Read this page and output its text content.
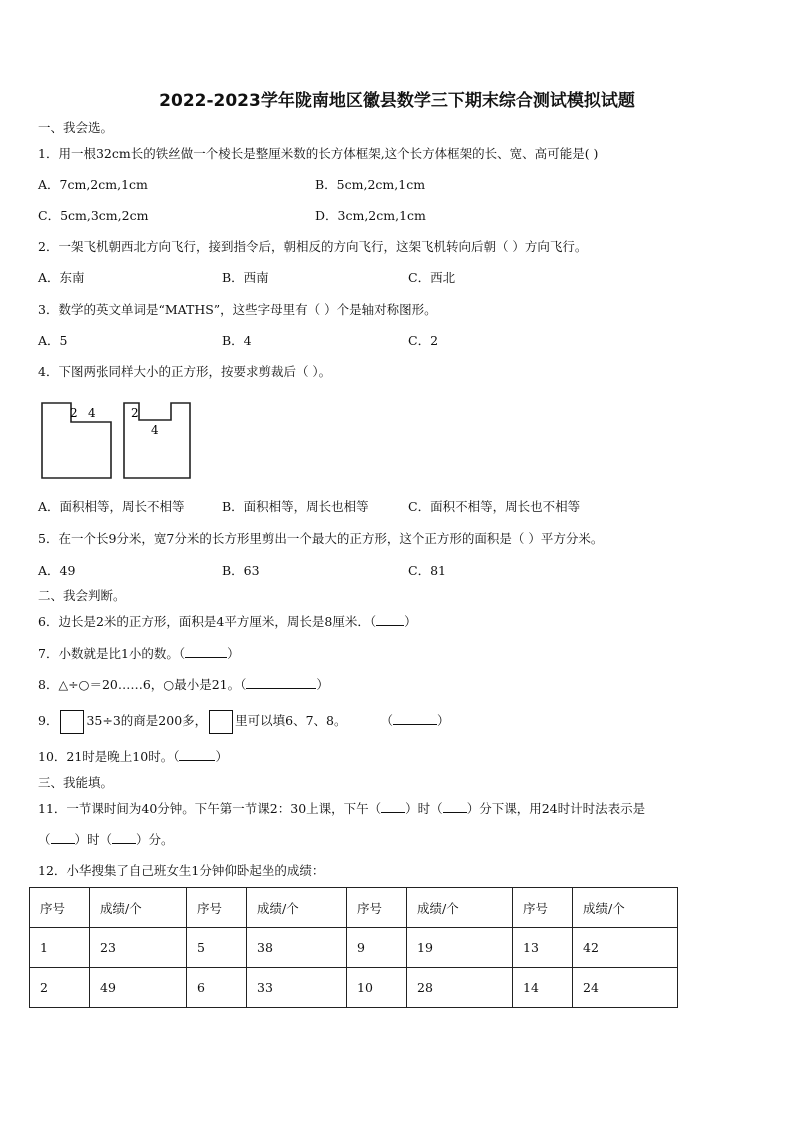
2022-2023学年陇南地区徽县数学三下期末综合测试模拟试题
一、我会选。
1．用一根32cm长的铁丝做一个棱长是整厘米数的长方体框架,这个长方体框架的长、宽、高可能是( )
A．7cm,2cm,1cm	B．5cm,2cm,1cm
C．5cm,3cm,2cm	D．3cm,2cm,1cm
2．一架飞机朝西北方向飞行，接到指令后，朝相反的方向飞行，这架飞机转向后朝（ ）方向飞行。
A．东南	B．西南	C．西北
3．数学的英文单词是“MATHS”，这些字母里有（ ）个是轴对称图形。
A．5	B．4	C．2
4．下图两张同样大小的正方形，按要求剪裁后（ ）。
2 4	2
4
A．面积相等，周长不相等	B．面积相等，周长也相等	C．面积不相等，周长也不相等
5．在一个长9分米，宽7分米的长方形里剪出一个最大的正方形，这个正方形的面积是（ ）平方分米。
A．49	B．63	C．81
二、我会判断。
6．边长是2米的正方形，面积是4平方厘米，周长是8厘米．（ ）
7．小数就是比1小的数。（	）
8．△÷○＝20……6，○最小是21。（	）
9． 35÷3的商是200多， 里可以填6、7、8。	（	）
10．21时是晚上10时。（	）
三、我能填。
11．一节课时间为40分钟。下午第一节课2：30上课，下午（ ）时（ ）分下课，用24时计时法表示是
（ ）时（ ）分。
12．小华搜集了自己班女生1分钟仰卧起坐的成绩：
序号	成绩/个	序号	成绩/个	序号	成绩/个	序号	成绩/个
1	23	5	38	9	19	13	42
2	49	6	33	10	28	14	24
